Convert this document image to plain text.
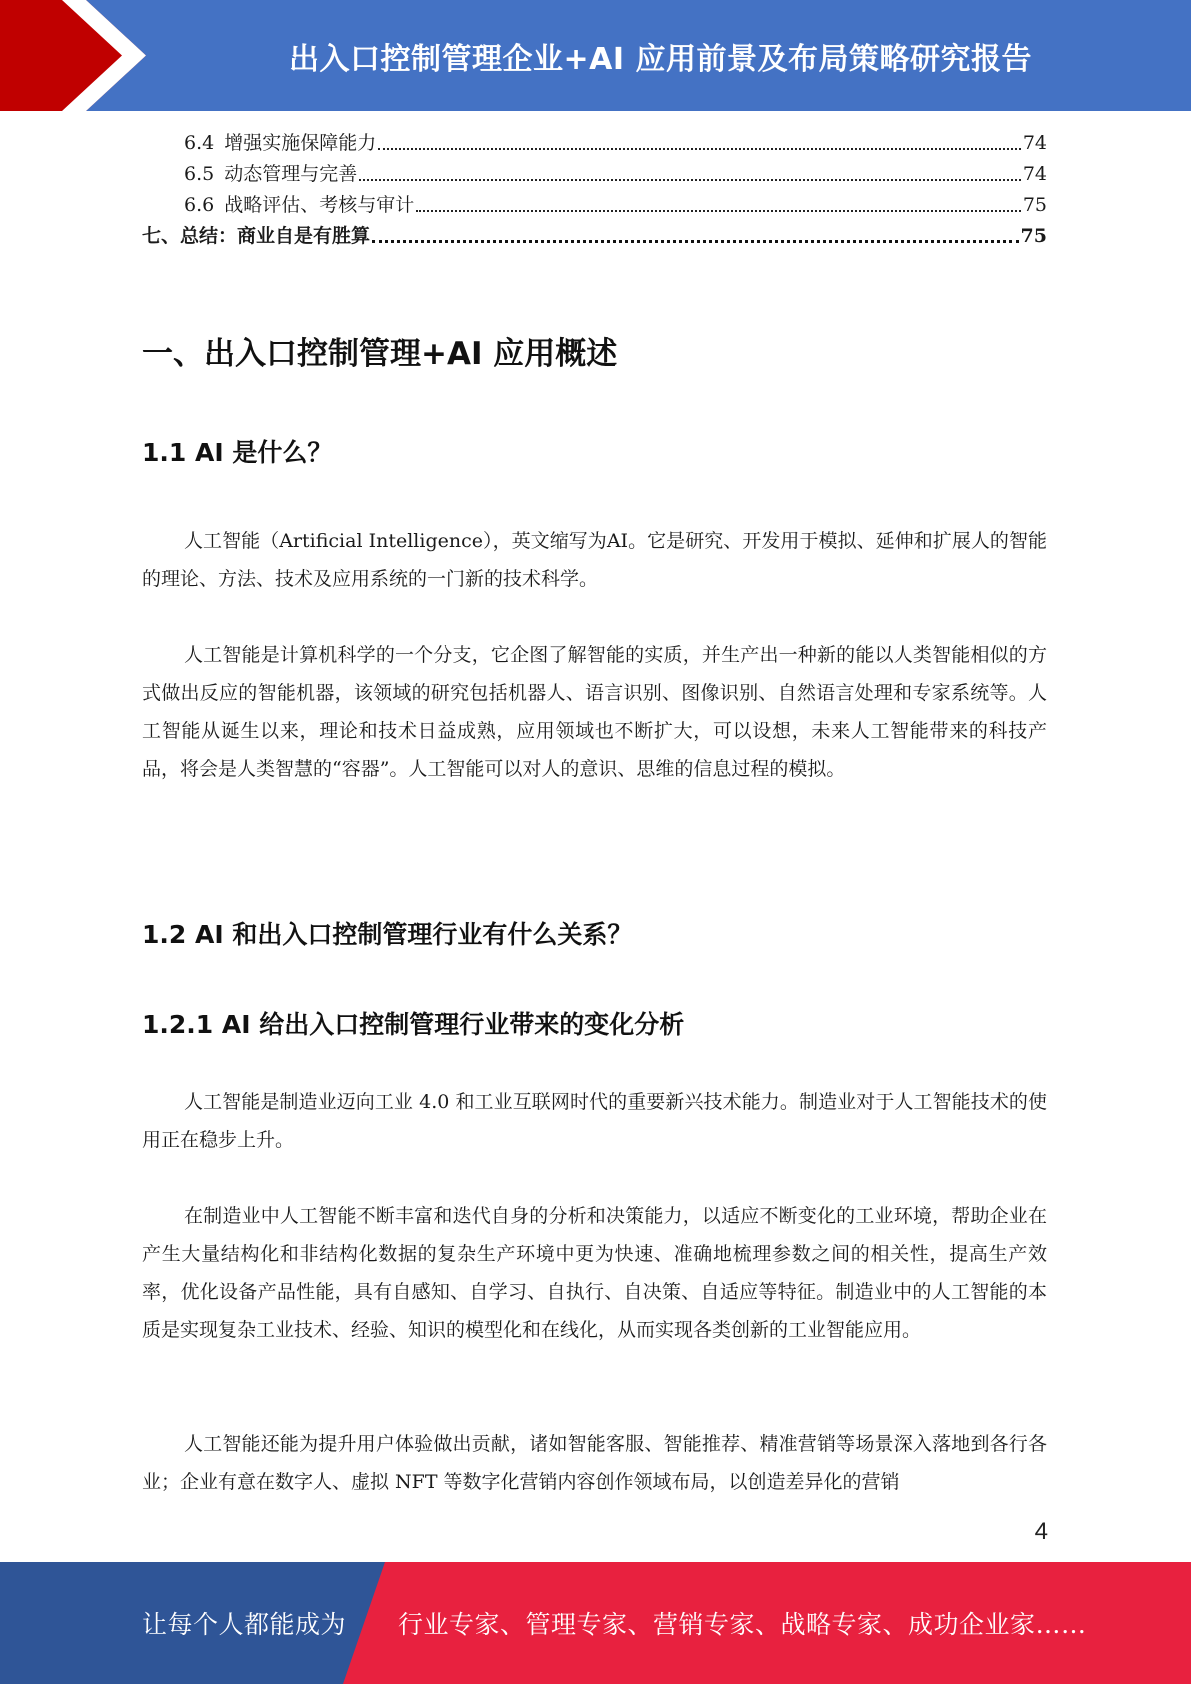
出入口控制管理企业+AI 应用前景及布局策略研究报告
6.4 增强实施保障能力	74
6.5 动态管理与完善	74
6.6 战略评估、考核与审计	75
七、总结：商业自是有胜算	75
一、出入口控制管理+AI 应用概述
1.1 AI 是什么？

人工智能（Artificial Intelligence），英文缩写为AI。它是研究、开发用于模拟、延伸和扩展人的智能的理论、方法、技术及应用系统的一门新的技术科学。

人工智能是计算机科学的一个分支，它企图了解智能的实质，并生产出一种新的能以人类智能相似的方式做出反应的智能机器，该领域的研究包括机器人、语言识别、图像识别、自然语言处理和专家系统等。人工智能从诞生以来，理论和技术日益成熟，应用领域也不断扩大，可以设想，未来人工智能带来的科技产品，将会是人类智慧的“容器”。人工智能可以对人的意识、思维的信息过程的模拟。

1.2 AI 和出入口控制管理行业有什么关系？
1.2.1 AI 给出入口控制管理行业带来的变化分析

人工智能是制造业迈向工业 4.0 和工业互联网时代的重要新兴技术能力。制造业对于人工智能技术的使用正在稳步上升。

在制造业中人工智能不断丰富和迭代自身的分析和决策能力，以适应不断变化的工业环境，帮助企业在产生大量结构化和非结构化数据的复杂生产环境中更为快速、准确地梳理参数之间的相关性，提高生产效率，优化设备产品性能，具有自感知、自学习、自执行、自决策、自适应等特征。制造业中的人工智能的本质是实现复杂工业技术、经验、知识的模型化和在线化，从而实现各类创新的工业智能应用。

人工智能还能为提升用户体验做出贡献，诸如智能客服、智能推荐、精准营销等场景深入落地到各行各业；企业有意在数字人、虚拟 NFT 等数字化营销内容创作领域布局，以创造差异化的营销

4
让每个人都能成为 行业专家、管理专家、营销专家、战略专家、成功企业家……
